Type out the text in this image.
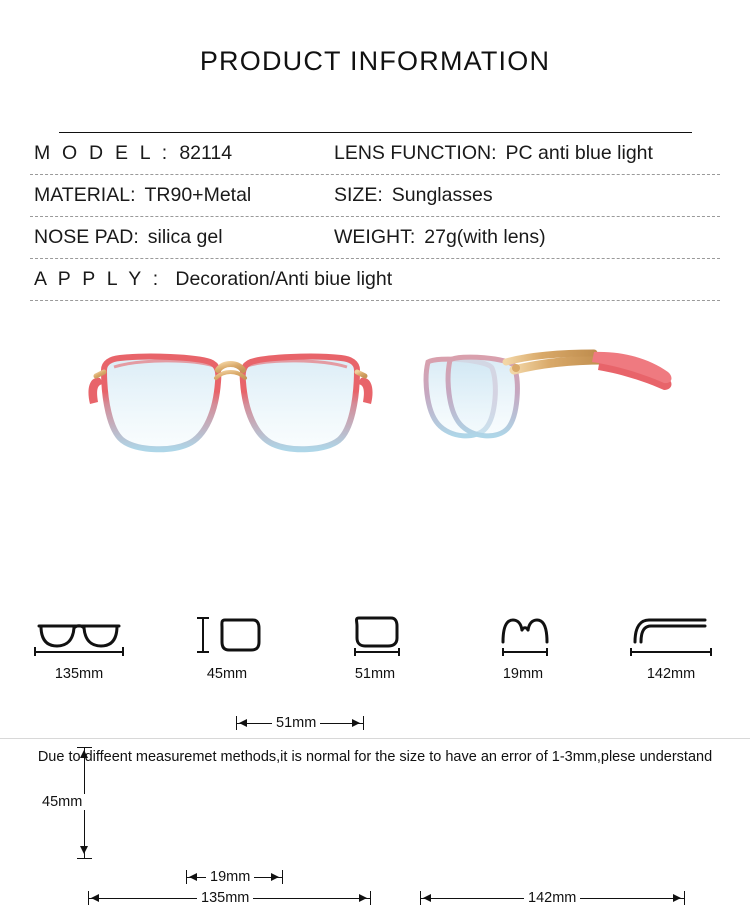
PRODUCT INFORMATION
M O D E L : 82114	LENS FUNCTION: PC anti blue light
MATERIAL: TR90+Metal	SIZE: Sunglasses
NOSE PAD: silica gel	WEIGHT: 27g(with lens)
A P P L Y : Decoration/Anti biue light
51mm
45mm
19mm
135mm	142mm
135mm	45mm	51mm	19mm	142mm
Due to diffeent measuremet methods,it is normal for the size to have an error of 1-3mm,plese understand
